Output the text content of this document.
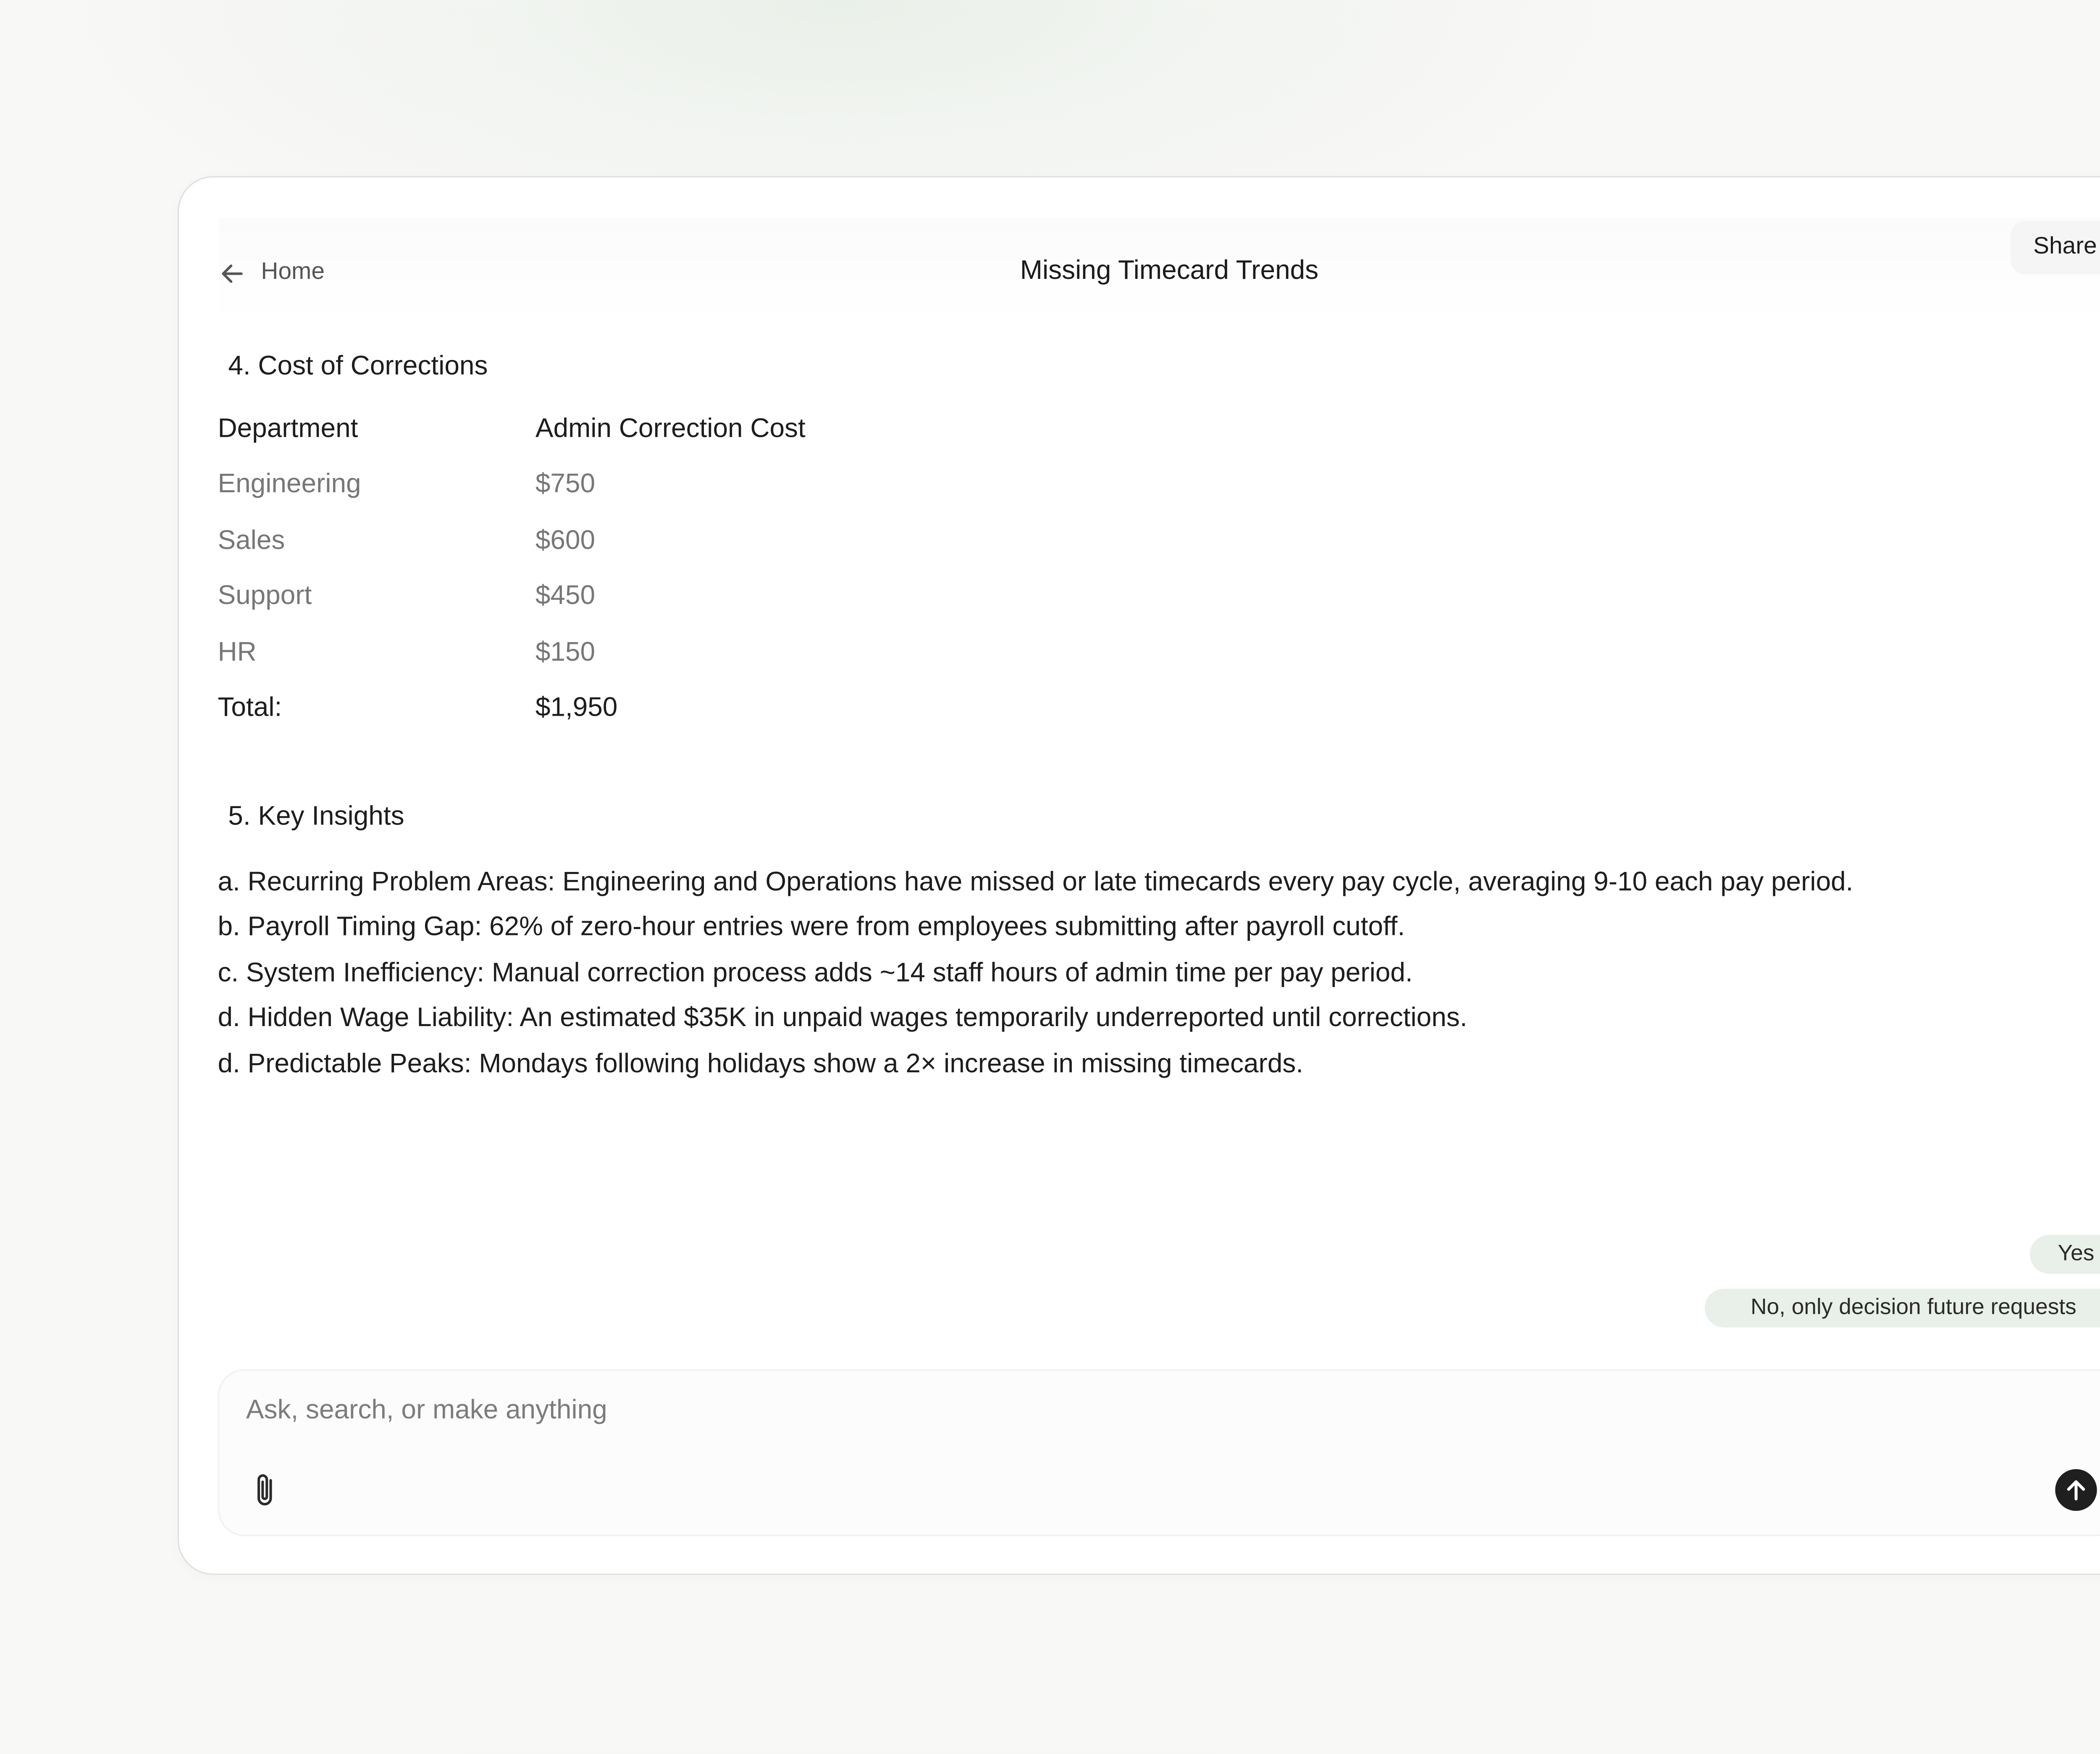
Home	Missing Timecard Trends
Share
4. Cost of Corrections
Department	Admin Correction Cost
Engineering	$750
Sales	$600
Support	$450
HR	$150
Total:	$1,950
5. Key Insights
a. Recurring Problem Areas: Engineering and Operations have missed or late timecards every pay cycle, averaging 9-10 each pay period.
b. Payroll Timing Gap: 62% of zero-hour entries were from employees submitting after payroll cutoff.
c. System Inefficiency: Manual correction process adds ~14 staff hours of admin time per pay period.
d. Hidden Wage Liability: An estimated $35K in unpaid wages temporarily underreported until corrections.
d. Predictable Peaks: Mondays following holidays show a 2× increase in missing timecards.
Yes
No, only decision future requests
Ask, search, or make anything
